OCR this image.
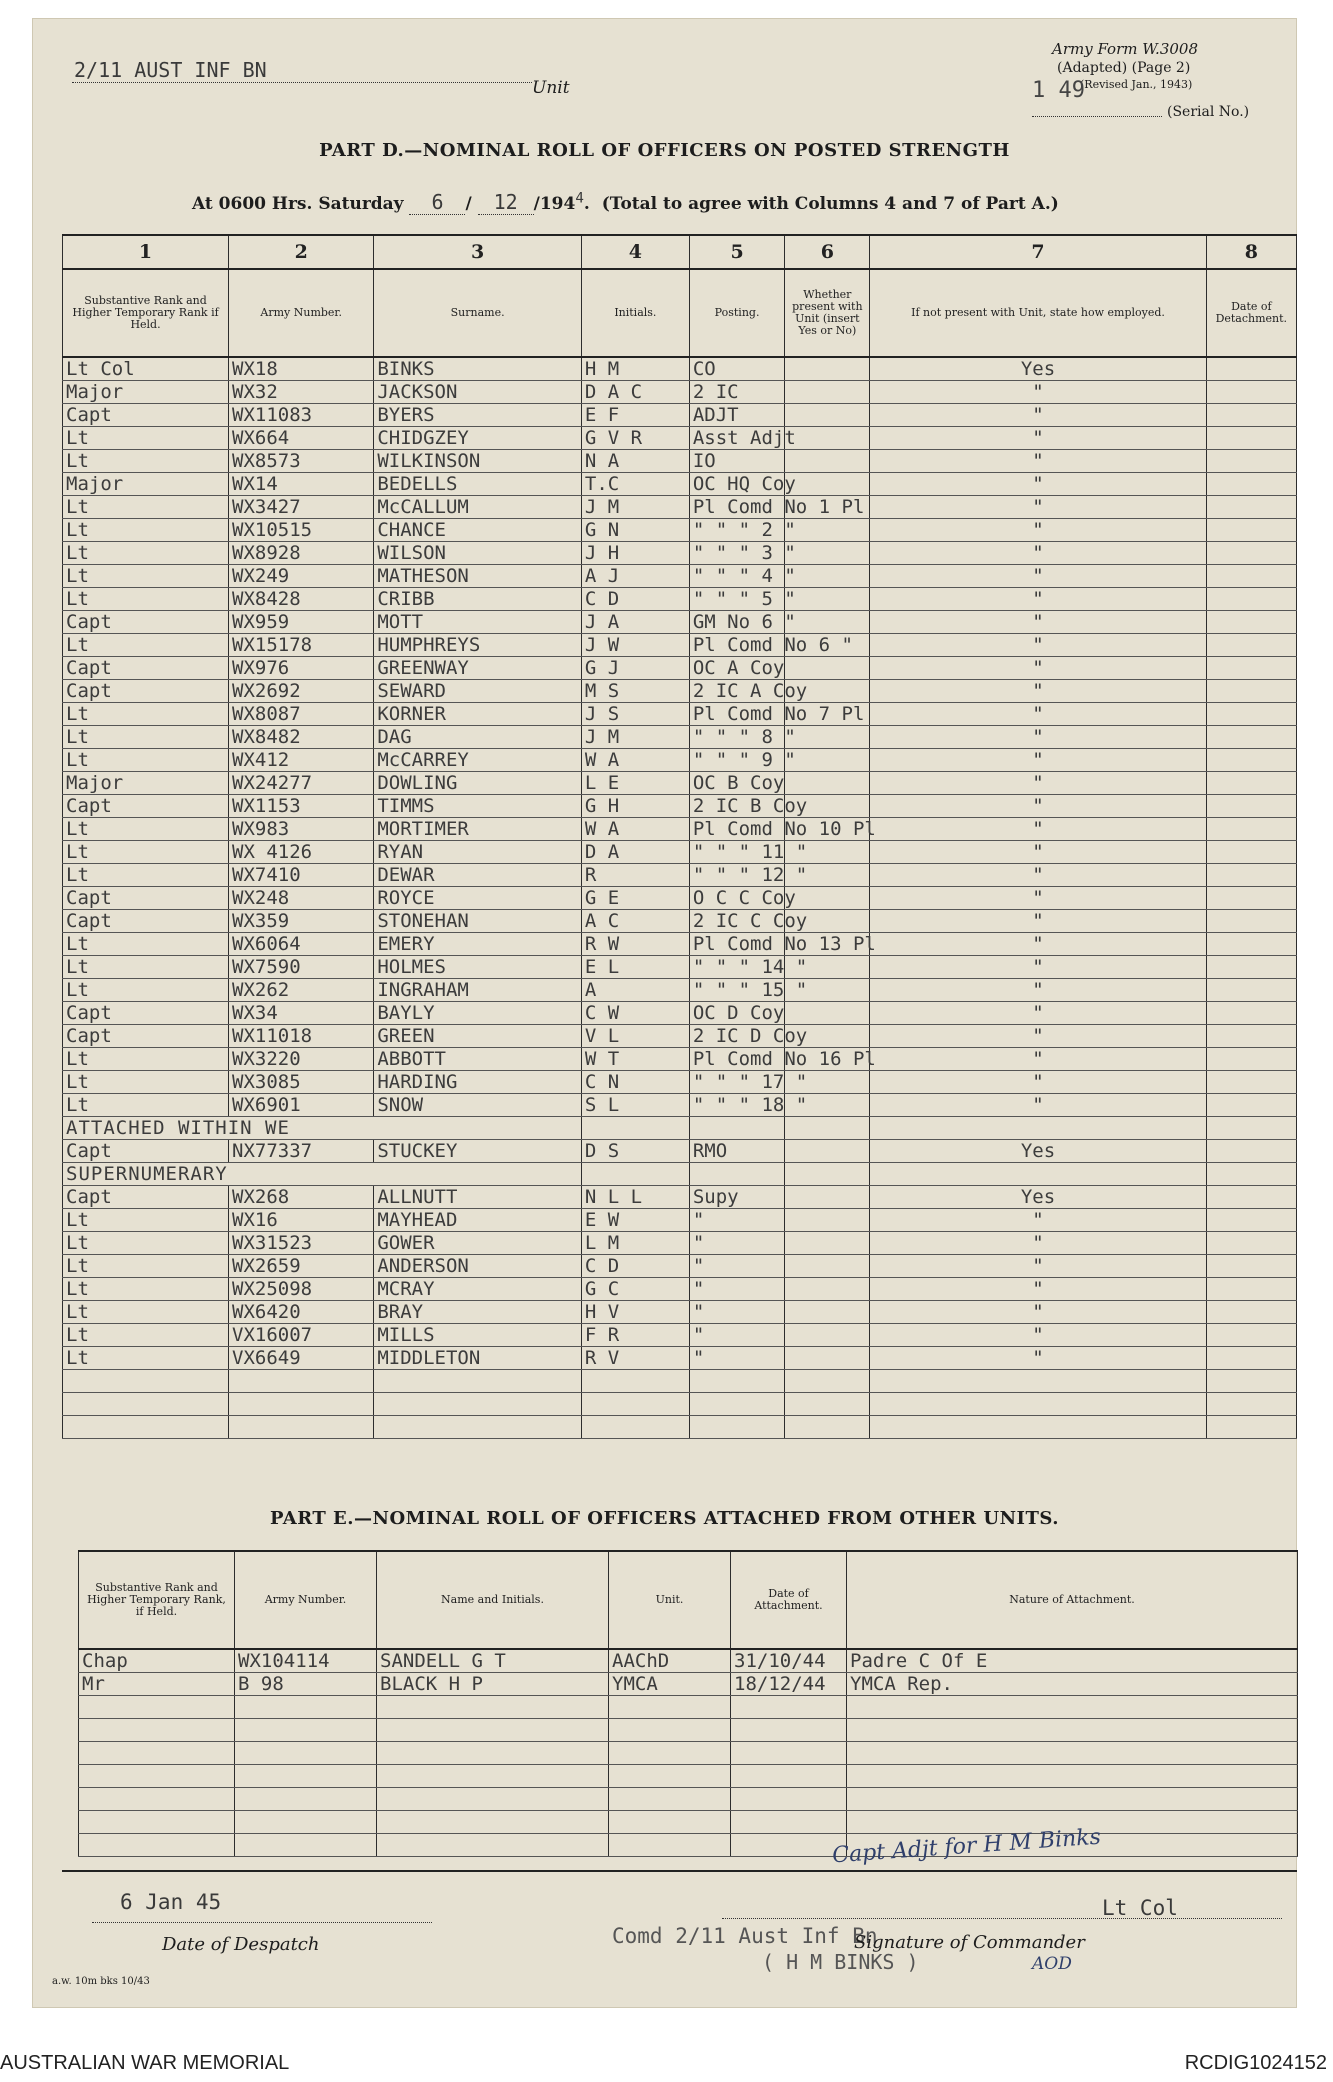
2/11 AUST INF BN
Unit
Army Form W.3008
(Adapted) (Page 2)
(Revised Jan., 1943)
1 49
(Serial No.)
PART D.—NOMINAL ROLL OF OFFICERS ON POSTED STRENGTH
At 0600 Hrs. Saturday 6 / 12 $/194^4$. (Total to agree with Columns 4 and 7 of Part A.)
1	2	3	4	5	6	7	8
Substantive Rank and Higher Temporary Rank if Held.	Army Number.	Surname.	Initials.	Posting.	Whether present with Unit (insert Yes or No)	If not present with Unit, state how employed.	Date of Detachment.
Lt Col	WX18	BINKS	H M	CO		Yes	
Major	WX32	JACKSON	D A C	2 IC		"	
Capt	WX11083	BYERS	E F	ADJT		"	
Lt	WX664	CHIDGZEY	G V R	Asst Adjt		"	
Lt	WX8573	WILKINSON	N A	IO		"	
Major	WX14	BEDELLS	T.C	OC HQ Coy		"	
Lt	WX3427	McCALLUM	J M	Pl Comd No 1 Pl		"	
Lt	WX10515	CHANCE	G N	" " " 2 "		"	
Lt	WX8928	WILSON	J H	" " " 3 "		"	
Lt	WX249	MATHESON	A J	" " " 4 "		"	
Lt	WX8428	CRIBB	C D	" " " 5 "		"	
Capt	WX959	MOTT	J A	GM No 6 "		"	
Lt	WX15178	HUMPHREYS	J W	Pl Comd No 6 "		"	
Capt	WX976	GREENWAY	G J	OC A Coy		"	
Capt	WX2692	SEWARD	M S	2 IC A Coy		"	
Lt	WX8087	KORNER	J S	Pl Comd No 7 Pl		"	
Lt	WX8482	DAG	J M	" " " 8 "		"	
Lt	WX412	McCARREY	W A	" " " 9 "		"	
Major	WX24277	DOWLING	L E	OC B Coy		"	
Capt	WX1153	TIMMS	G H	2 IC B Coy		"	
Lt	WX983	MORTIMER	W A	Pl Comd No 10 Pl		"	
Lt	WX 4126	RYAN	D A	" " " 11 "		"	
Lt	WX7410	DEWAR	R	" " " 12 "		"	
Capt	WX248	ROYCE	G E	O C C Coy		"	
Capt	WX359	STONEHAN	A C	2 IC C Coy		"	
Lt	WX6064	EMERY	R W	Pl Comd No 13 Pl		"	
Lt	WX7590	HOLMES	E L	" " " 14 "		"	
Lt	WX262	INGRAHAM	A	" " " 15 "		"	
Capt	WX34	BAYLY	C W	OC D Coy		"	
Capt	WX11018	GREEN	V L	2 IC D Coy		"	
Lt	WX3220	ABBOTT	W T	Pl Comd No 16 Pl		"	
Lt	WX3085	HARDING	C N	" " " 17 "		"	
Lt	WX6901	SNOW	S L	" " " 18 "		"	
ATTACHED WITHIN WE							
Capt	NX77337	STUCKEY	D S	RMO		Yes	
SUPERNUMERARY							
Capt	WX268	ALLNUTT	N L L	Supy		Yes	
Lt	WX16	MAYHEAD	E W	"		"	
Lt	WX31523	GOWER	L M	"		"	
Lt	WX2659	ANDERSON	C D	"		"	
Lt	WX25098	MCRAY	G C	"		"	
Lt	WX6420	BRAY	H V	"		"	
Lt	VX16007	MILLS	F R	"		"	
Lt	VX6649	MIDDLETON	R V	"		"	

PART E.—NOMINAL ROLL OF OFFICERS ATTACHED FROM OTHER UNITS.
Substantive Rank and Higher Temporary Rank, if Held.	Army Number.	Name and Initials.	Unit.	Date of Attachment.	Nature of Attachment.
Chap	WX104114	SANDELL G T	AAChD	31/10/44	Padre C Of E
Mr	B 98	BLACK H P	YMCA	18/12/44	YMCA Rep.

6 Jan 45
Date of Despatch
Capt Adjt for H M Binks
Lt Col
Comd 2/11 Aust Inf Bn
( H M BINKS )
Signature of Commander
AOD
a.w. 10m bks 10/43
AUSTRALIAN WAR MEMORIAL	RCDIG1024152
